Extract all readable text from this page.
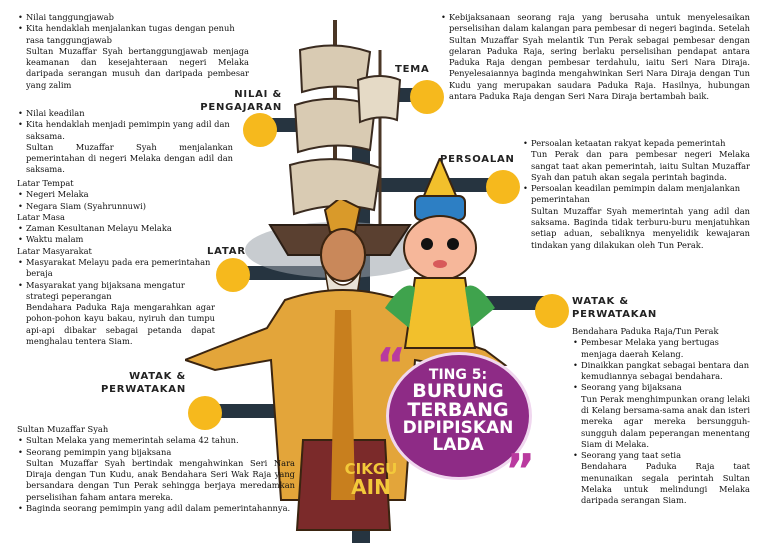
“
”
TING 5:
BURUNG
TERBANG
DIPIPISKAN
LADA
CIKGU
AIN
TEMA
NILAI &
PENGAJARAN
PERSOALAN
LATAR
WATAK &
PERWATAKAN
WATAK &
PERWATAKAN
• Nilai tanggungjawab
• Kita hendaklah menjalankan tugas dengan penuh rasa tanggungjawab

Sultan Muzaffar Syah bertanggungjawab menjaga keamanan dan kesejahteraan negeri Melaka daripada serangan musuh dan daripada pembesar yang zalim

• Nilai keadilan
• Kita hendaklah menjadi pemimpin yang adil dan saksama.

Sultan Muzaffar Syah menjalankan pemerintahan di negeri Melaka dengan adil dan saksama.

Latar Tempat

• Negeri Melaka
• Negara Siam (Syahrunnuwi)

Latar Masa

• Zaman Kesultanan Melayu Melaka
• Waktu malam

Latar Masyarakat

• Masyarakat Melayu pada era pemerintahan beraja
• Masyarakat yang bijaksana mengatur strategi peperangan

Bendahara Paduka Raja mengarahkan agar pohon-pohon kayu bakau, nyiruh dan tumpu api-api dibakar sebagai petanda dapat menghalau tentera Siam.

Sultan Muzaffar Syah

• Sultan Melaka yang memerintah selama 42 tahun.
• Seorang pemimpin yang bijaksana

Sultan Muzaffar Syah bertindak mengahwinkan Seri Nara Diraja dengan Tun Kudu, anak Bendahara Seri Wak Raja yang bersandara dengan Tun Perak sehingga berjaya meredamkan perselisihan faham antara mereka.

• Baginda seorang pemimpin yang adil dalam pemerintahannya.
• Kebijaksanaan seorang raja yang berusaha untuk menyelesaikan perselisihan dalam kalangan para pembesar di negeri baginda. Setelah Sultan Muzaffar Syah melantik Tun Perak sebagai pembesar dengan gelaran Paduka Raja, sering berlaku perselisihan pendapat antara Paduka Raja dengan pembesar terdahulu, iaitu Seri Nara Diraja. Penyelesaiannya baginda mengahwinkan Seri Nara Diraja dengan Tun Kudu yang merupakan saudara Paduka Raja. Hasilnya, hubungan antara Paduka Raja dengan Seri Nara Diraja bertambah baik.
• Persoalan ketaatan rakyat kepada pemerintah

Tun Perak dan para pembesar negeri Melaka sangat taat akan pemerintah, iaitu Sultan Muzaffar Syah dan patuh akan segala perintah baginda.

• Persoalan keadilan pemimpin dalam menjalankan pemerintahan

Sultan Muzaffar Syah memerintah yang adil dan saksama. Baginda tidak terburu-buru menjatuhkan setiap aduan, sebaliknya menyelidik kewajaran tindakan yang dilakukan oleh Tun Perak.

Bendahara Paduka Raja/Tun Perak

• Pembesar Melaka yang bertugas menjaga daerah Kelang.
• Dinaikkan pangkat sebagai bentara dan kemudiannya sebagai bendahara.
• Seorang yang bijaksana

Tun Perak menghimpunkan orang lelaki di Kelang bersama-sama anak dan isteri mereka agar mereka bersungguh-sungguh dalam peperangan menentang Siam di Melaka.

• Seorang yang taat setia

Bendahara Paduka Raja taat menunaikan segala perintah Sultan Melaka untuk melindungi Melaka daripada serangan Siam.
